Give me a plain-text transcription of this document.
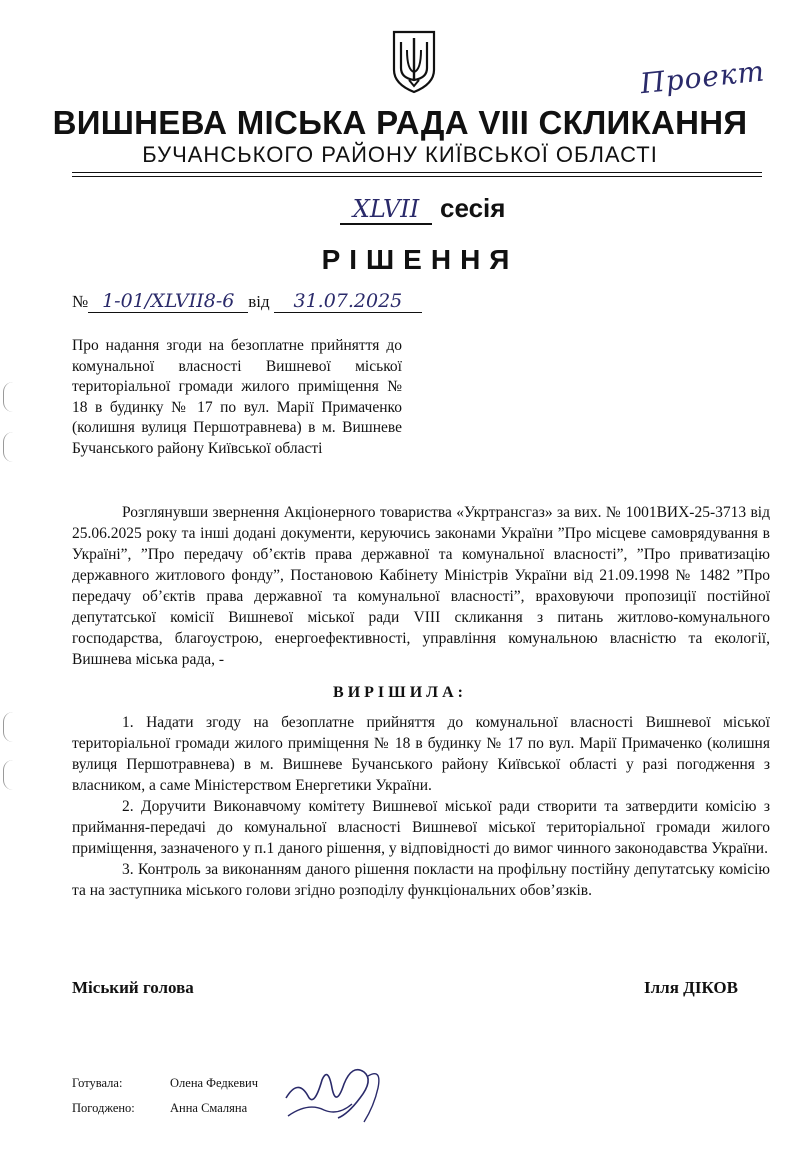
Проект
ВИШНЕВА МІСЬКА РАДА VIII СКЛИКАННЯ
БУЧАНСЬКОГО РАЙОНУ КИЇВСЬКОЇ ОБЛАСТІ
XLVII сесія
РІШЕННЯ
№ 1-01/XLVII8-6 від 31.07.2025
Про надання згоди на безоплатне прийняття до комунальної власності Вишневої міської територіальної громади жилого приміщення № 18 в будинку № 17 по вул. Марії Примаченко (колишня вулиця Першотравнева) в м. Вишневе Бучанського району Київської області

Розглянувши звернення Акціонерного товариства «Укртрансгаз» за вих. № 1001ВИХ-25-3713 від 25.06.2025 року та інші додані документи, керуючись законами України ”Про місцеве самоврядування в Україні”, ”Про передачу об’єктів права державної та комунальної власності”, ”Про приватизацію державного житлового фонду”, Постановою Кабінету Міністрів України від 21.09.1998 № 1482 ”Про передачу об’єктів права державної та комунальної власності”, враховуючи пропозиції постійної депутатської комісії Вишневої міської ради VIII скликання з питань житлово-комунального господарства, благоустрою, енергоефективності, управління комунальною власністю та екології, Вишнева міська рада, -

ВИРІШИЛА:

1. Надати згоду на безоплатне прийняття до комунальної власності Вишневої міської територіальної громади жилого приміщення № 18 в будинку № 17 по вул. Марії Примаченко (колишня вулиця Першотравнева) в м. Вишневе Бучанського району Київської області у разі погодження з власником, а саме Міністерством Енергетики України.

2. Доручити Виконавчому комітету Вишневої міської ради створити та затвердити комісію з приймання-передачі до комунальної власності Вишневої міської територіальної громади жилого приміщення, зазначеного у п.1 даного рішення, у відповідності до вимог чинного законодавства України.

3. Контроль за виконанням даного рішення покласти на профільну постійну депутатську комісію та на заступника міського голови згідно розподілу функціональних обов’язків.

Міський голова	Ілля ДІКОВ
Готувала:	Олена Федкевич
Погоджено:	Анна Смаляна
